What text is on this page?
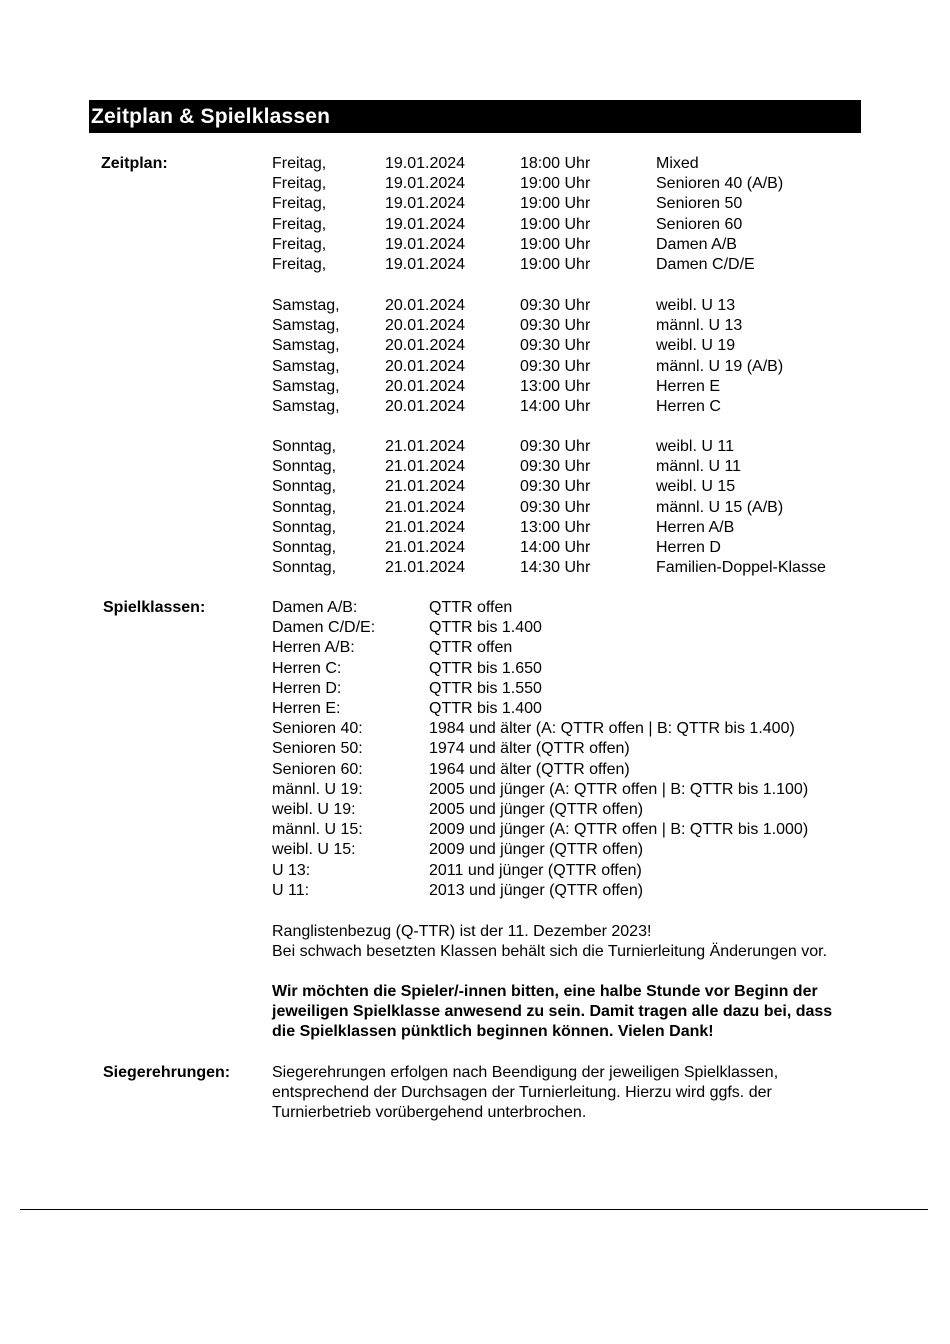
Zeitplan & Spielklassen
Zeitplan:	Freitag,	19.01.2024	18:00 Uhr	Mixed
Freitag,	19.01.2024	19:00 Uhr	Senioren 40 (A/B)
Freitag,	19.01.2024	19:00 Uhr	Senioren 50
Freitag,	19.01.2024	19:00 Uhr	Senioren 60
Freitag,	19.01.2024	19:00 Uhr	Damen A/B
Freitag,	19.01.2024	19:00 Uhr	Damen C/D/E
Samstag,	20.01.2024	09:30 Uhr	weibl. U 13
Samstag,	20.01.2024	09:30 Uhr	männl. U 13
Samstag,	20.01.2024	09:30 Uhr	weibl. U 19
Samstag,	20.01.2024	09:30 Uhr	männl. U 19 (A/B)
Samstag,	20.01.2024	13:00 Uhr	Herren E
Samstag,	20.01.2024	14:00 Uhr	Herren C
Sonntag,	21.01.2024	09:30 Uhr	weibl. U 11
Sonntag,	21.01.2024	09:30 Uhr	männl. U 11
Sonntag,	21.01.2024	09:30 Uhr	weibl. U 15
Sonntag,	21.01.2024	09:30 Uhr	männl. U 15 (A/B)
Sonntag,	21.01.2024	13:00 Uhr	Herren A/B
Sonntag,	21.01.2024	14:00 Uhr	Herren D
Sonntag,	21.01.2024	14:30 Uhr	Familien-Doppel-Klasse
Spielklassen:	Damen A/B:	QTTR offen
Damen C/D/E:	QTTR bis 1.400
Herren A/B:	QTTR offen
Herren C:	QTTR bis 1.650
Herren D:	QTTR bis 1.550
Herren E:	QTTR bis 1.400
Senioren 40:	1984 und älter (A: QTTR offen | B: QTTR bis 1.400)
Senioren 50:	1974 und älter (QTTR offen)
Senioren 60:	1964 und älter (QTTR offen)
männl. U 19:	2005 und jünger (A: QTTR offen | B: QTTR bis 1.100)
weibl. U 19:	2005 und jünger (QTTR offen)
männl. U 15:	2009 und jünger (A: QTTR offen | B: QTTR bis 1.000)
weibl. U 15:	2009 und jünger (QTTR offen)
U 13:	2011 und jünger (QTTR offen)
U 11:	2013 und jünger (QTTR offen)
Ranglistenbezug (Q-TTR) ist der 11. Dezember 2023!
Bei schwach besetzten Klassen behält sich die Turnierleitung Änderungen vor.
Wir möchten die Spieler/-innen bitten, eine halbe Stunde vor Beginn der
jeweiligen Spielklasse anwesend zu sein. Damit tragen alle dazu bei, dass
die Spielklassen pünktlich beginnen können. Vielen Dank!
Siegerehrungen:	Siegerehrungen erfolgen nach Beendigung der jeweiligen Spielklassen,
entsprechend der Durchsagen der Turnierleitung. Hierzu wird ggfs. der
Turnierbetrieb vorübergehend unterbrochen.
